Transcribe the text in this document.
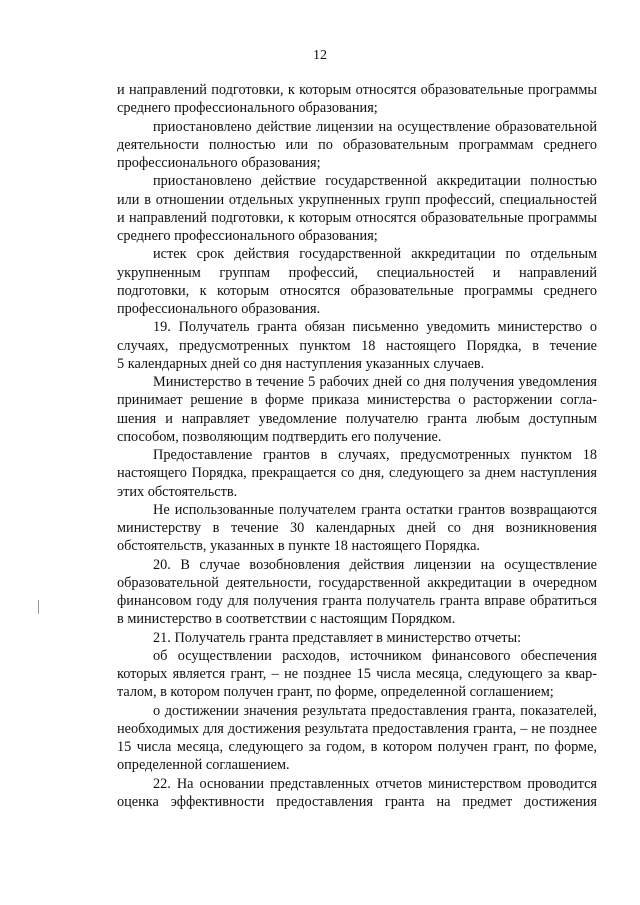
12
и направлений подготовки, к которым относятся образовательные программы
среднего профессионального образования;
приостановлено действие лицензии на осуществление образовательной
деятельности полностью или по образовательным программам среднего
профессионального образования;
приостановлено действие государственной аккредитации полностью
или в отношении отдельных укрупненных групп профессий, специальностей
и направлений подготовки, к которым относятся образовательные программы
среднего профессионального образования;
истек срок действия государственной аккредитации по отдельным
укрупненным группам профессий, специальностей и направлений
подготовки, к которым относятся образовательные программы среднего
профессионального образования.
19. Получатель гранта обязан письменно уведомить министерство о
случаях, предусмотренных пунктом 18 настоящего Порядка, в течение
5 календарных дней со дня наступления указанных случаев.
Министерство в течение 5 рабочих дней со дня получения уведомления
принимает решение в форме приказа министерства о расторжении согла-
шения и направляет уведомление получателю гранта любым доступным
способом, позволяющим подтвердить его получение.
Предоставление грантов в случаях, предусмотренных пунктом 18
настоящего Порядка, прекращается со дня, следующего за днем наступления
этих обстоятельств.
Не использованные получателем гранта остатки грантов возвращаются
министерству в течение 30 календарных дней со дня возникновения
обстоятельств, указанных в пункте 18 настоящего Порядка.
20. В случае возобновления действия лицензии на осуществление
образовательной деятельности, государственной аккредитации в очередном
финансовом году для получения гранта получатель гранта вправе обратиться
в министерство в соответствии с настоящим Порядком.
21. Получатель гранта представляет в министерство отчеты:
об осуществлении расходов, источником финансового обеспечения
которых является грант, – не позднее 15 числа месяца, следующего за квар-
талом, в котором получен грант, по форме, определенной соглашением;
о достижении значения результата предоставления гранта, показателей,
необходимых для достижения результата предоставления гранта, – не позднее
15 числа месяца, следующего за годом, в котором получен грант, по форме,
определенной соглашением.
22. На основании представленных отчетов министерством проводится
оценка эффективности предоставления гранта на предмет достижения
